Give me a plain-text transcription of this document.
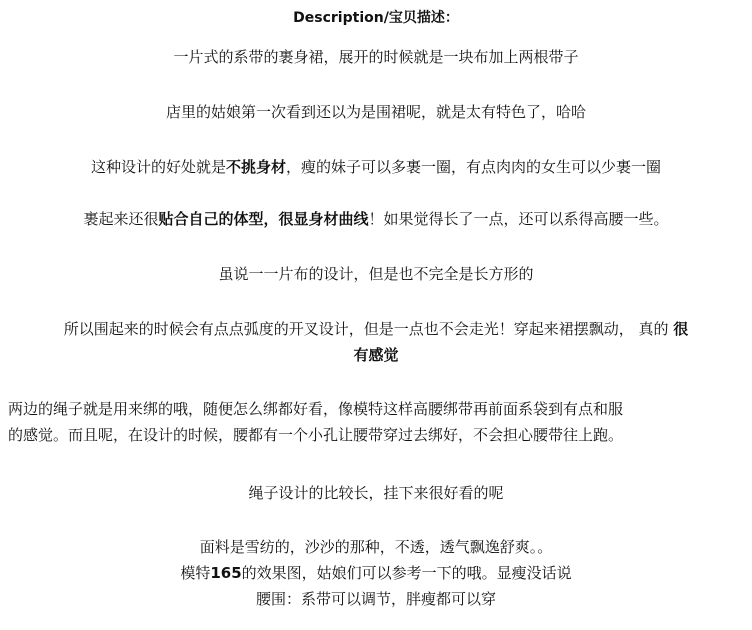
Description/宝贝描述：
一片式的系带的裹身裙，展开的时候就是一块布加上两根带子
店里的姑娘第一次看到还以为是围裙呢，就是太有特色了，哈哈
这种设计的好处就是不挑身材，瘦的妹子可以多裹一圈，有点肉肉的女生可以少裹一圈
裹起来还很贴合自己的体型，很显身材曲线！如果觉得长了一点，还可以系得高腰一些。
虽说一一片布的设计，但是也不完全是长方形的
所以围起来的时候会有点点弧度的开叉设计，但是一点也不会走光！穿起来裙摆飘动， 真的 很
有感觉
两边的绳子就是用来绑的哦，随便怎么绑都好看，像模特这样高腰绑带再前面系袋到有点和服
的感觉。而且呢，在设计的时候，腰都有一个小孔让腰带穿过去绑好，不会担心腰带往上跑。
绳子设计的比较长，挂下来很好看的呢
面料是雪纺的，沙沙的那种，不透，透气飘逸舒爽。。
模特165的效果图，姑娘们可以参考一下的哦。显瘦没话说
腰围：系带可以调节，胖瘦都可以穿
